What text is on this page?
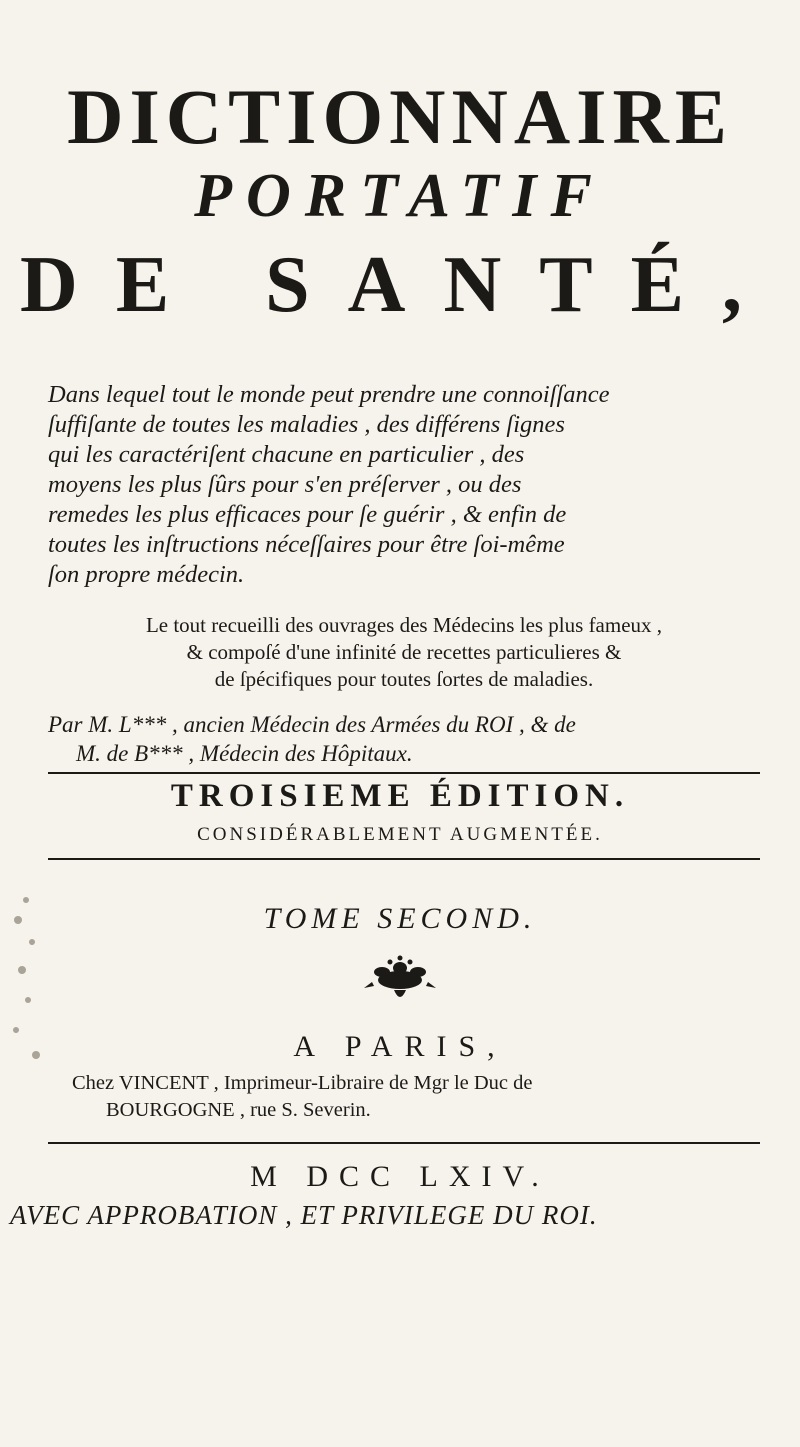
DICTIONNAIRE
PORTATIF
DE SANTÉ,
Dans lequel tout le monde peut prendre une connoiſſance
ſuffiſante de toutes les maladies , des différens ſignes
qui les caractériſent chacune en particulier , des
moyens les plus ſûrs pour s'en préſerver , ou des
remedes les plus efficaces pour ſe guérir , & enfin de
toutes les inſtructions néceſſaires pour être ſoi-même
ſon propre médecin.
Le tout recueilli des ouvrages des Médecins les plus fameux ,
& compoſé d'une infinité de recettes particulieres &
de ſpécifiques pour toutes ſortes de maladies.
Par M. L*** , ancien Médecin des Armées du ROI , & de
M. de B*** , Médecin des Hôpitaux.
TROISIEME ÉDITION.
CONSIDÉRABLEMENT AUGMENTÉE.
TOME SECOND.
A PARIS,
Chez VINCENT , Imprimeur-Libraire de Mgr le Duc de
BOURGOGNE , rue S. Severin.
M DCC LXIV.
AVEC APPROBATION , ET PRIVILEGE DU ROI.
